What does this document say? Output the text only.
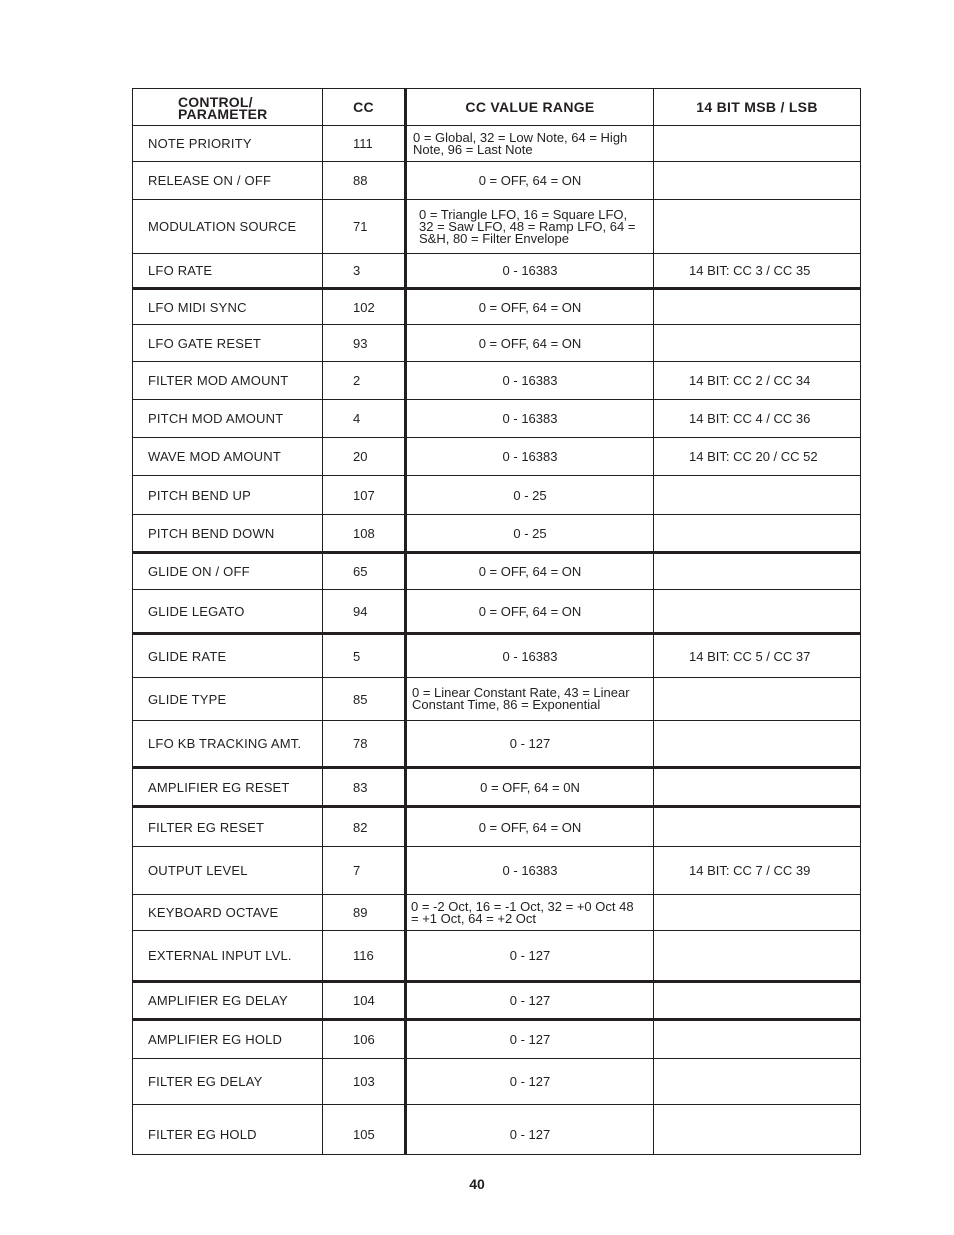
CONTROL/
PARAMETER	CC	CC VALUE RANGE	14 BIT MSB / LSB
NOTE PRIORITY	111	0 = Global, 32 = Low Note, 64 = High Note, 96 = Last Note	
RELEASE ON / OFF	88	0 = OFF, 64 = ON	
MODULATION SOURCE	71	0 = Triangle LFO, 16 = Square LFO, 32 = Saw LFO, 48 = Ramp LFO, 64 = S&H, 80 = Filter Envelope	
LFO RATE	3	0 - 16383	14 BIT: CC 3 / CC 35
LFO MIDI SYNC	102	0 = OFF, 64 = ON	
LFO GATE RESET	93	0 = OFF, 64 = ON	
FILTER MOD AMOUNT	2	0 - 16383	14 BIT: CC 2 / CC 34
PITCH MOD AMOUNT	4	0 - 16383	14 BIT: CC 4 / CC 36
WAVE MOD AMOUNT	20	0 - 16383	14 BIT: CC 20 / CC 52
PITCH BEND UP	107	0 - 25	
PITCH BEND DOWN	108	0 - 25	
GLIDE ON / OFF	65	0 = OFF, 64 = ON	
GLIDE LEGATO	94	0 = OFF, 64 = ON	
GLIDE RATE	5	0 - 16383	14 BIT: CC 5 / CC 37
GLIDE TYPE	85	0 = Linear Constant Rate, 43 = Linear Constant Time, 86 = Exponential	
LFO KB TRACKING AMT.	78	0 - 127	
AMPLIFIER EG RESET	83	0 = OFF, 64 = 0N	
FILTER EG RESET	82	0 = OFF, 64 = ON	
OUTPUT LEVEL	7	0 - 16383	14 BIT: CC 7 / CC 39
KEYBOARD OCTAVE	89	0 = -2 Oct, 16 = -1 Oct, 32 = +0 Oct 48 = +1 Oct, 64 = +2 Oct	
EXTERNAL INPUT LVL.	116	0 - 127	
AMPLIFIER EG DELAY	104	0 - 127	
AMPLIFIER EG HOLD	106	0 - 127	
FILTER EG DELAY	103	0 - 127	
FILTER EG HOLD	105	0 - 127	
40
